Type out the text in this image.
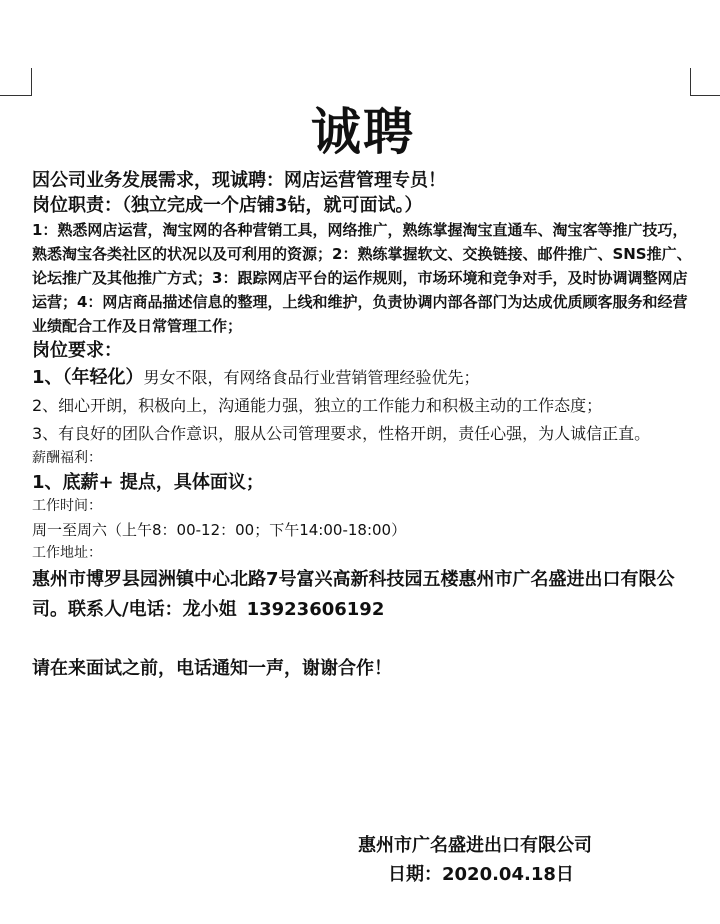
诚聘

因公司业务发展需求，现诚聘：网店运营管理专员！

岗位职责：（独立完成一个店铺3钻，就可面试。）

1：熟悉网店运营，淘宝网的各种营销工具，网络推广，熟练掌握淘宝直通车、淘宝客等推广技巧，熟悉淘宝各类社区的状况以及可利用的资源；2：熟练掌握软文、交换链接、邮件推广、SNS推广、论坛推广及其他推广方式；3：跟踪网店平台的运作规则，市场环境和竞争对手，及时协调调整网店运营；4：网店商品描述信息的整理，上线和维护，负责协调内部各部门为达成优质顾客服务和经营业绩配合工作及日常管理工作；

岗位要求：

1、（年轻化）男女不限，有网络食品行业营销管理经验优先；

2、细心开朗，积极向上，沟通能力强，独立的工作能力和积极主动的工作态度；

3、有良好的团队合作意识，服从公司管理要求，性格开朗，责任心强，为人诚信正直。

薪酬福利：

1、底薪+ 提点，具体面议；

工作时间：

周一至周六（上午8：00-12：00；下午14:00-18:00）

工作地址：

惠州市博罗县园洲镇中心北路7号富兴高新科技园五楼惠州市广名盛进出口有限公司。联系人/电话：龙小姐 13923606192

请在来面试之前，电话通知一声，谢谢合作！

惠州市广名盛进出口有限公司
日期：2020.04.18日
